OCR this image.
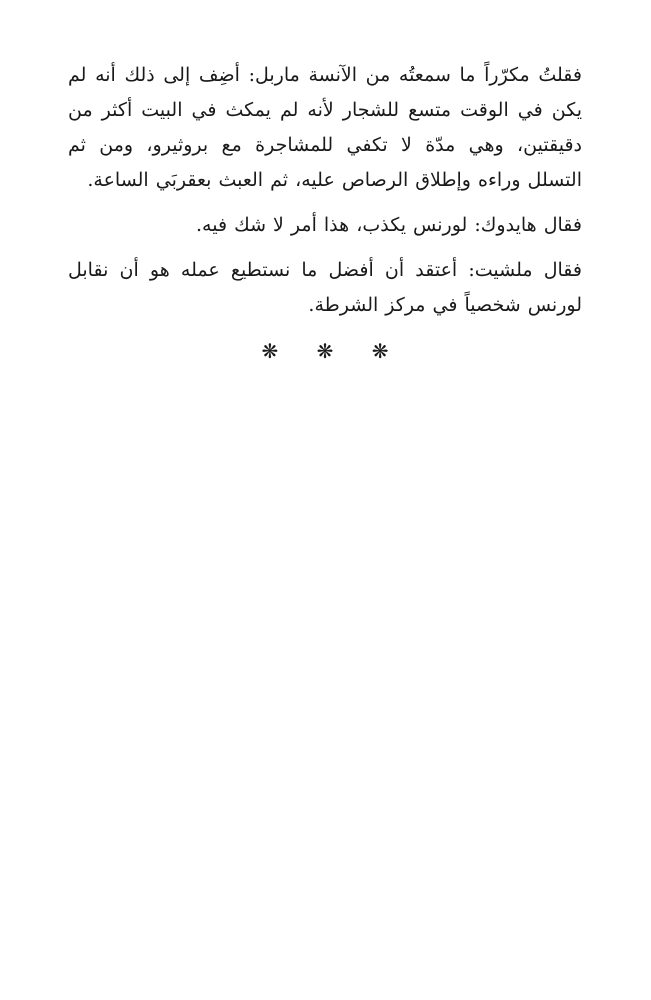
فقلتُ مكرّراً ما سمعتُه من الآنسة ماربل: أضِف إلى ذلك أنه لم يكن في الوقت متسع للشجار لأنه لم يمكث في البيت أكثر من دقيقتين، وهي مدّة لا تكفي للمشاجرة مع بروثيرو، ومن ثم التسلل وراءه وإطلاق الرصاص عليه، ثم العبث بعقربَي الساعة.

فقال هايدوك: لورنس يكذب، هذا أمر لا شك فيه.

فقال ملشيت: أعتقد أن أفضل ما نستطيع عمله هو أن نقابل لورنس شخصياً في مركز الشرطة.

❋ ❋ ❋
